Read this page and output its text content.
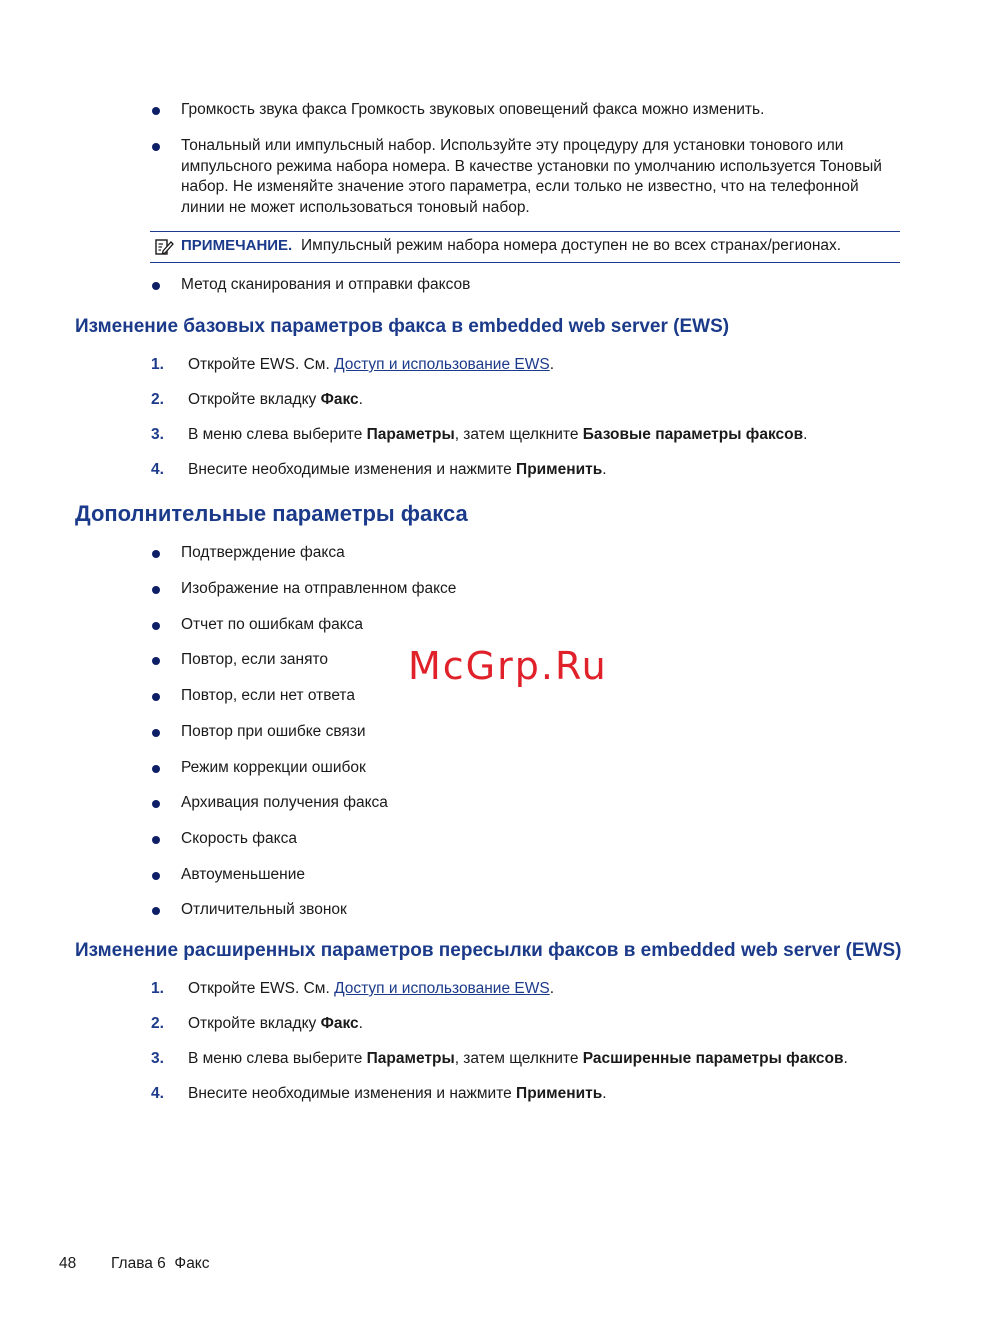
Громкость звука факса Громкость звуковых оповещений факса можно изменить.
Тональный или импульсный набор. Используйте эту процедуру для установки тонового или импульсного режима набора номера. В качестве установки по умолчанию используется Тоновый набор. Не изменяйте значение этого параметра, если только не известно, что на телефонной линии не может использоваться тоновый набор.
ПРИМЕЧАНИЕ. Импульсный режим набора номера доступен не во всех странах/регионах.
Метод сканирования и отправки факсов
Изменение базовых параметров факса в embedded web server (EWS)
1. Откройте EWS. См. Доступ и использование EWS.
2. Откройте вкладку Факс.
3. В меню слева выберите Параметры, затем щелкните Базовые параметры факсов.
4. Внесите необходимые изменения и нажмите Применить.
Дополнительные параметры факса
Подтверждение факса
Изображение на отправленном факсе
Отчет по ошибкам факса
Повтор, если занято
Повтор, если нет ответа
Повтор при ошибке связи
Режим коррекции ошибок
Архивация получения факса
Скорость факса
Автоуменьшение
Отличительный звонок
Изменение расширенных параметров пересылки факсов в embedded web server (EWS)
1. Откройте EWS. См. Доступ и использование EWS.
2. Откройте вкладку Факс.
3. В меню слева выберите Параметры, затем щелкните Расширенные параметры факсов.
4. Внесите необходимые изменения и нажмите Применить.
McGrp.Ru
48 Глава 6  Факс
